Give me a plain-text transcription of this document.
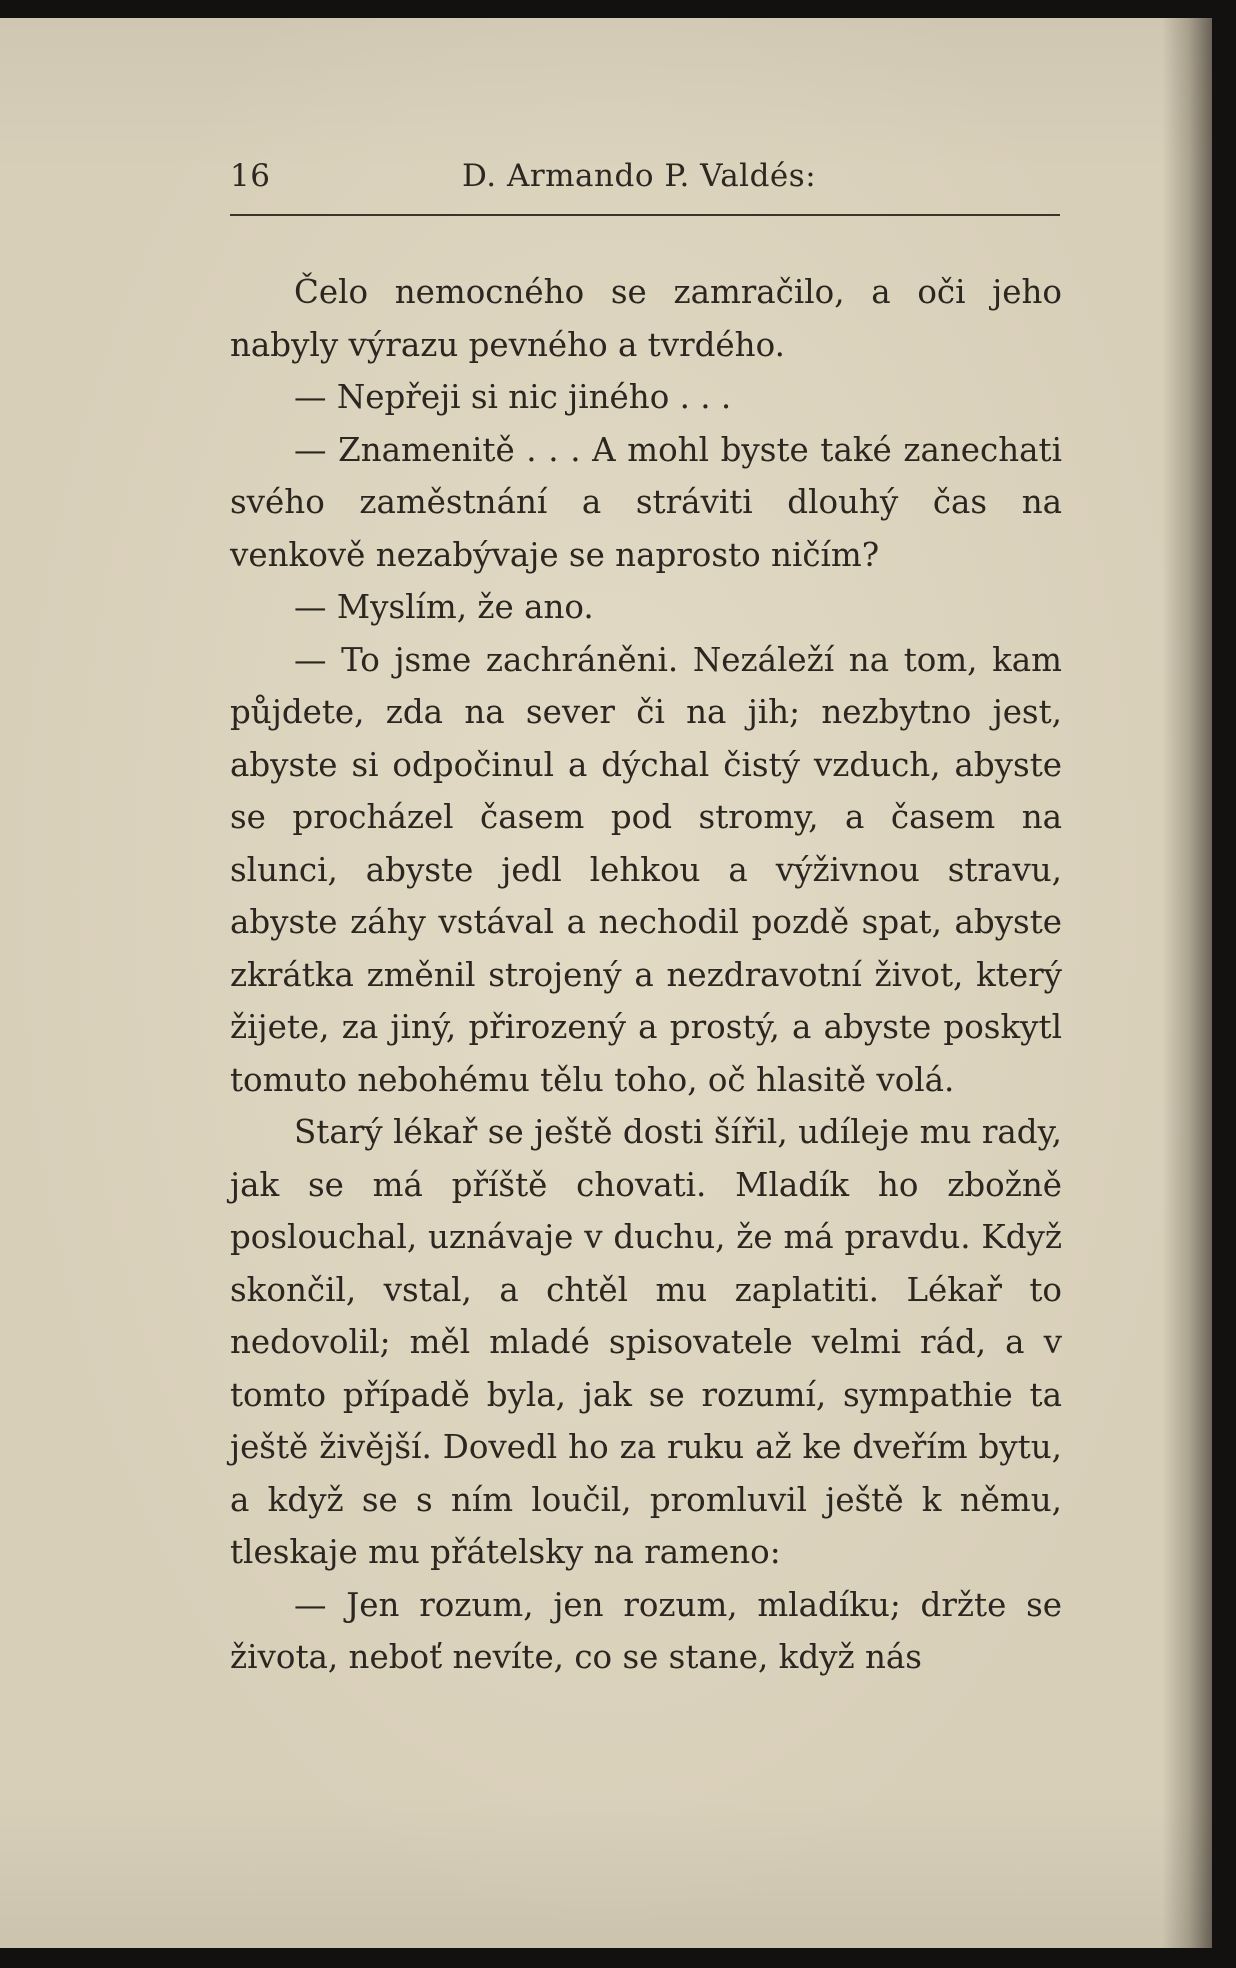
16	D. Armando P. Valdés:

Čelo nemocného se zamračilo, a oči jeho nabyly výrazu pevného a tvrdého.

— Nepřeji si nic jiného . . .

— Znamenitě . . . A mohl byste také zanechati svého zaměstnání a stráviti dlouhý čas na venkově nezabývaje se naprosto ničím?

— Myslím, že ano.

— To jsme zachráněni. Nezáleží na tom, kam půjdete, zda na sever či na jih; nezbytno jest, abyste si odpočinul a dýchal čistý vzduch, abyste se procházel časem pod stromy, a časem na slunci, abyste jedl lehkou a výživnou stravu, abyste záhy vstával a nechodil pozdě spat, abyste zkrátka změnil strojený a nezdravotní život, který žijete, za jiný, přirozený a prostý, a abyste poskytl tomuto nebohému tělu toho, oč hlasitě volá.

Starý lékař se ještě dosti šířil, udíleje mu rady, jak se má příště chovati. Mladík ho zbožně poslouchal, uznávaje v duchu, že má pravdu. Když skončil, vstal, a chtěl mu zaplatiti. Lékař to nedovolil; měl mladé spisovatele velmi rád, a v tomto případě byla, jak se rozumí, sympathie ta ještě živější. Dovedl ho za ruku až ke dveřím bytu, a když se s ním loučil, promluvil ještě k němu, tleskaje mu přátelsky na rameno:

— Jen rozum, jen rozum, mladíku; držte se života, neboť nevíte, co se stane, když nás
